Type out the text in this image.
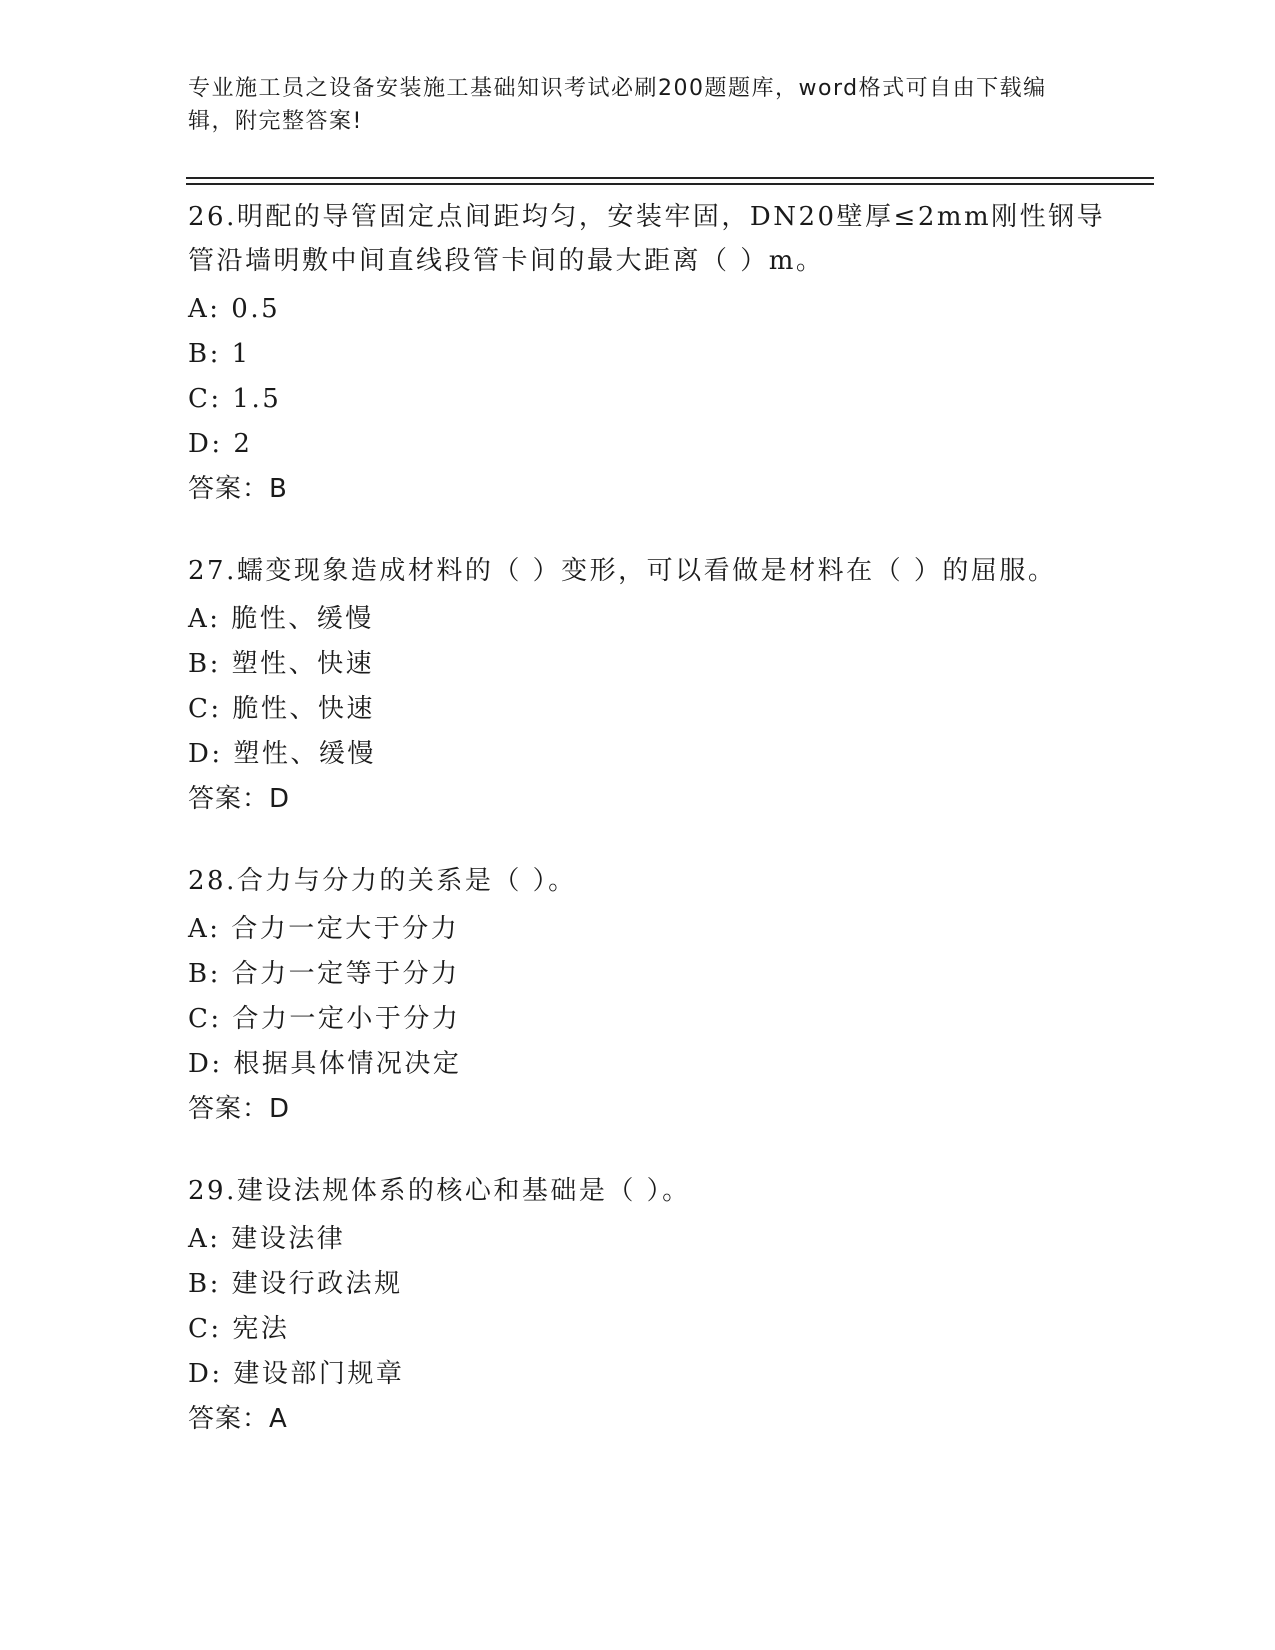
专业施工员之设备安装施工基础知识考试必刷200题题库，word格式可自由下载编辑，附完整答案!
26.明配的导管固定点间距均匀，安装牢固，DN20壁厚≤2mm刚性钢导管沿墙明敷中间直线段管卡间的最大距离（ ）m。
A: 0.5
B: 1
C: 1.5
D: 2
答案：B
27.蠕变现象造成材料的（ ）变形，可以看做是材料在（ ）的屈服。
A: 脆性、缓慢
B: 塑性、快速
C: 脆性、快速
D: 塑性、缓慢
答案：D
28.合力与分力的关系是（ ）。
A: 合力一定大于分力
B: 合力一定等于分力
C: 合力一定小于分力
D: 根据具体情况决定
答案：D
29.建设法规体系的核心和基础是（ ）。
A: 建设法律
B: 建设行政法规
C: 宪法
D: 建设部门规章
答案：A
